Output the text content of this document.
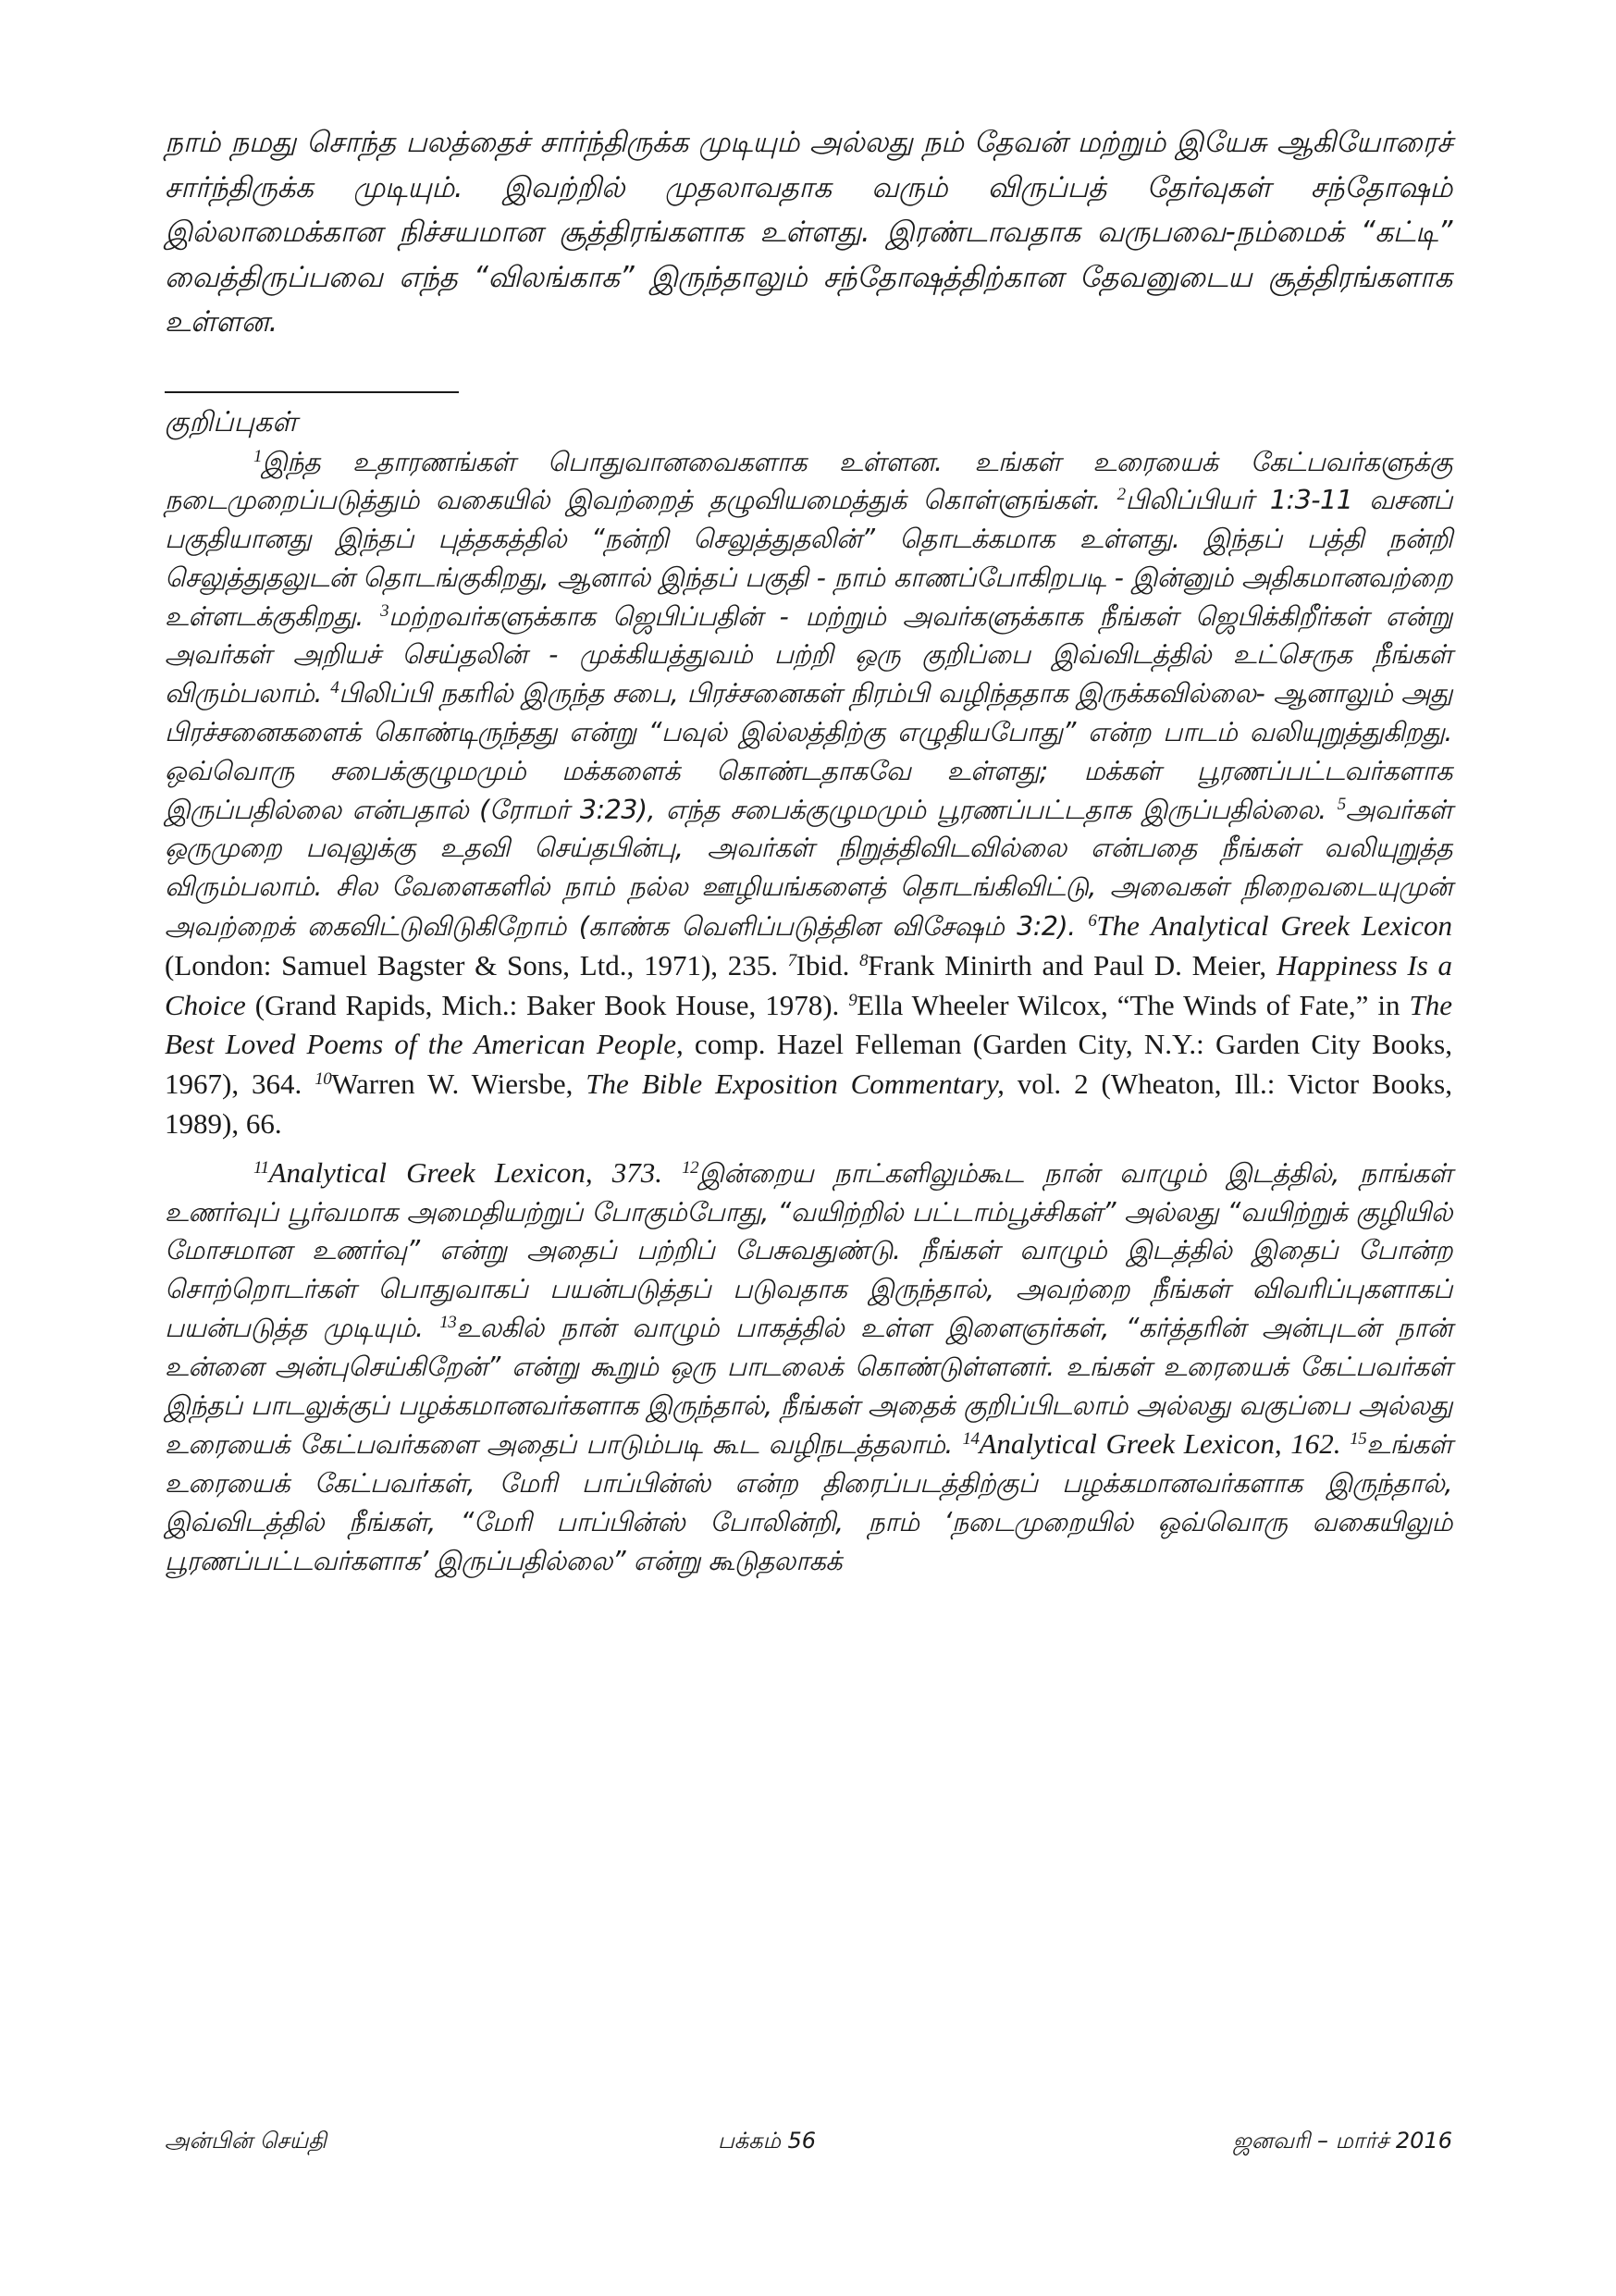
நாம் நமது சொந்த பலத்தைச் சார்ந்திருக்க முடியும் அல்லது நம் தேவன் மற்றும் இயேசு ஆகியோரைச் சார்ந்திருக்க முடியும். இவற்றில் முதலாவதாக வரும் விருப்பத் தேர்வுகள் சந்தோஷம் இல்லாமைக்கான நிச்சயமான சூத்திரங்களாக உள்ளது. இரண்டாவதாக வருபவை-நம்மைக் “கட்டி” வைத்திருப்பவை எந்த “விலங்காக” இருந்தாலும் சந்தோஷத்திற்கான தேவனுடைய சூத்திரங்களாக உள்ளன.

குறிப்புகள்

$^1$இந்த உதாரணங்கள் பொதுவானவைகளாக உள்ளன. உங்கள் உரையைக் கேட்பவர்களுக்கு நடைமுறைப்படுத்தும் வகையில் இவற்றைத் தழுவியமைத்துக் கொள்ளுங்கள். $^2$பிலிப்பியர் 1:3-11 வசனப் பகுதியானது இந்தப் புத்தகத்தில் “நன்றி செலுத்துதலின்” தொடக்கமாக உள்ளது. இந்தப் பத்தி நன்றி செலுத்துதலுடன் தொடங்குகிறது, ஆனால் இந்தப் பகுதி - நாம் காணப்போகிறபடி - இன்னும் அதிகமானவற்றை உள்ளடக்குகிறது. $^3$மற்றவர்களுக்காக ஜெபிப்பதின் - மற்றும் அவர்களுக்காக நீங்கள் ஜெபிக்கிறீர்கள் என்று அவர்கள் அறியச் செய்தலின் - முக்கியத்துவம் பற்றி ஒரு குறிப்பை இவ்விடத்தில் உட்செருக நீங்கள் விரும்பலாம். $^4$பிலிப்பி நகரில் இருந்த சபை, பிரச்சனைகள் நிரம்பி வழிந்ததாக இருக்கவில்லை- ஆனாலும் அது பிரச்சனைகளைக் கொண்டிருந்தது என்று “பவுல் இல்லத்திற்கு எழுதியபோது” என்ற பாடம் வலியுறுத்துகிறது. ஒவ்வொரு சபைக்குழுமமும் மக்களைக் கொண்டதாகவே உள்ளது; மக்கள் பூரணப்பட்டவர்களாக இருப்பதில்லை என்பதால் (ரோமர் 3:23), எந்த சபைக்குழுமமும் பூரணப்பட்டதாக இருப்பதில்லை. $^5$அவர்கள் ஒருமுறை பவுலுக்கு உதவி செய்தபின்பு, அவர்கள் நிறுத்திவிடவில்லை என்பதை நீங்கள் வலியுறுத்த விரும்பலாம். சில வேளைகளில் நாம் நல்ல ஊழியங்களைத் தொடங்கிவிட்டு, அவைகள் நிறைவடையுமுன் அவற்றைக் கைவிட்டுவிடுகிறோம் (காண்க வெளிப்படுத்தின விசேஷம் 3:2). $^6$The Analytical Greek Lexicon (London: Samuel Bagster & Sons, Ltd., 1971), 235. $^7$Ibid. $^8$Frank Minirth and Paul D. Meier, Happiness Is a Choice (Grand Rapids, Mich.: Baker Book House, 1978). $^9$Ella Wheeler Wilcox, “The Winds of Fate,” in The Best Loved Poems of the American People, comp. Hazel Felleman (Garden City, N.Y.: Garden City Books, 1967), 364. $^{10}$Warren W. Wiersbe, The Bible Exposition Commentary, vol. 2 (Wheaton, Ill.: Victor Books, 1989), 66.

$^{11}$Analytical Greek Lexicon, 373. $^{12}$இன்றைய நாட்களிலும்கூட நான் வாழும் இடத்தில், நாங்கள் உணர்வுப் பூர்வமாக அமைதியற்றுப் போகும்போது, “வயிற்றில் பட்டாம்பூச்சிகள்” அல்லது “வயிற்றுக் குழியில் மோசமான உணர்வு” என்று அதைப் பற்றிப் பேசுவதுண்டு. நீங்கள் வாழும் இடத்தில் இதைப் போன்ற சொற்றொடர்கள் பொதுவாகப் பயன்படுத்தப் படுவதாக இருந்தால், அவற்றை நீங்கள் விவரிப்புகளாகப் பயன்படுத்த முடியும். $^{13}$உலகில் நான் வாழும் பாகத்தில் உள்ள இளைஞர்கள், “கர்த்தரின் அன்புடன் நான் உன்னை அன்புசெய்கிறேன்” என்று கூறும் ஒரு பாடலைக் கொண்டுள்ளனர். உங்கள் உரையைக் கேட்பவர்கள் இந்தப் பாடலுக்குப் பழக்கமானவர்களாக இருந்தால், நீங்கள் அதைக் குறிப்பிடலாம் அல்லது வகுப்பை அல்லது உரையைக் கேட்பவர்களை அதைப் பாடும்படி கூட வழிநடத்தலாம். $^{14}$Analytical Greek Lexicon, 162. $^{15}$உங்கள் உரையைக் கேட்பவர்கள், மேரி பாப்பின்ஸ் என்ற திரைப்படத்திற்குப் பழக்கமானவர்களாக இருந்தால், இவ்விடத்தில் நீங்கள், “மேரி பாப்பின்ஸ் போலின்றி, நாம் ‘நடைமுறையில் ஒவ்வொரு வகையிலும் பூரணப்பட்டவர்களாக’ இருப்பதில்லை” என்று கூடுதலாகக்

அன்பின் செய்தி	பக்கம் 56	ஜனவரி – மார்ச் 2016
